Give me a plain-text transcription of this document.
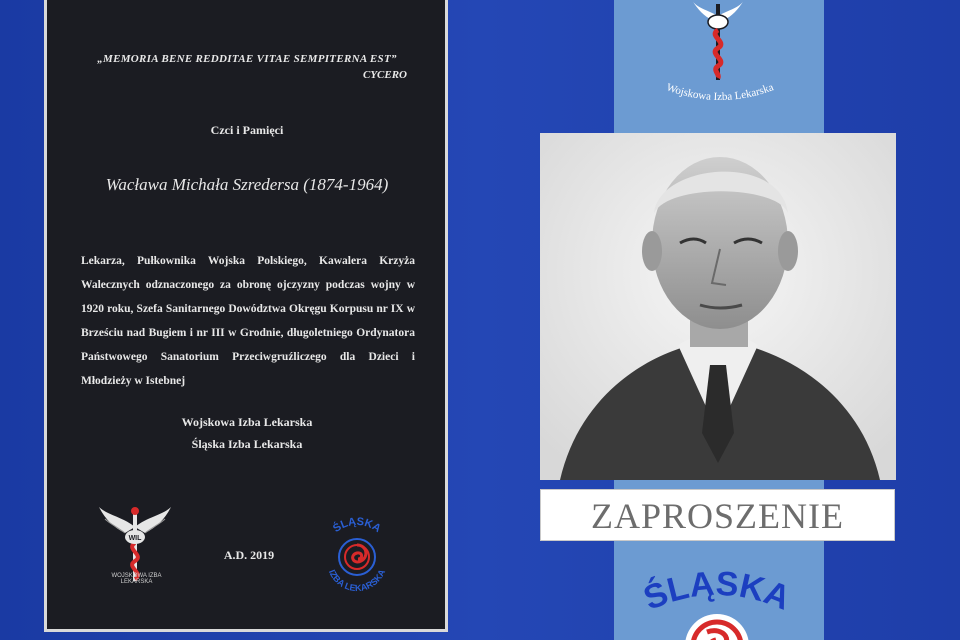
„MEMORIA BENE REDDITAE VITAE SEMPITERNA EST”
CYCERO
Czci i Pamięci
Wacława Michała Szredersa (1874-1964)
Lekarza, Pułkownika Wojska Polskiego, Kawalera Krzyża Walecznych odznaczonego za obronę ojczyzny podczas wojny w 1920 roku, Szefa Sanitarnego Dowództwa Okręgu Korpusu nr IX w Brześciu nad Bugiem i nr III w Grodnie, długoletniego Ordynatora Państwowego Sanatorium Przeciwgruźliczego dla Dzieci i Młodzieży w Istebnej
Wojskowa Izba Lekarska
Śląska Izba Lekarska
A.D. 2019
WIL
WOJSKOWA IZBA LEKARSKA
ŚLĄSKA
IZBA LEKARSKA
Wojskowa Izba Lekarska
ZAPROSZENIE
ŚLĄSKA
